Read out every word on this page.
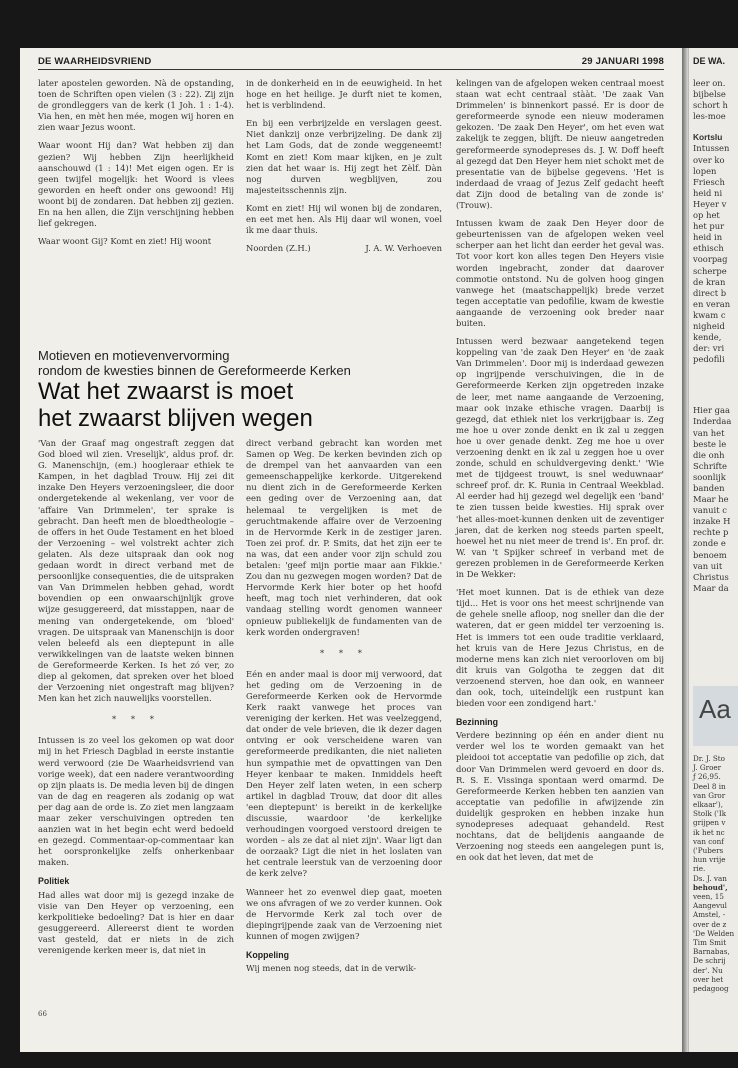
DE WAARHEIDSVRIEND	29 JANUARI 1998

later apostelen geworden. Nà de opstanding, toen de Schriften open vielen (3 : 22). Zij zijn de grondleggers van de kerk (1 Joh. 1 : 1-4). Via hen, en mèt hen mée, mogen wij horen en zien waar Jezus woont.

Waar woont Hij dan? Wat hebben zij dan gezien? Wij hebben Zijn heerlijkheid aanschouwd (1 : 14)! Met eigen ogen. Er is geen twijfel mogelijk: het Woord is vlees geworden en heeft onder ons gewoond! Hij woont bij de zondaren. Dat hebben zij gezien. En na hen allen, die Zijn verschijning hebben lief gekregen.

Waar woont Gij? Komt en ziet! Hij woont

in de donkerheid en in de eeuwigheid. In het hoge en het heilige. Je durft niet te komen, het is verblindend.

En bij een verbrijzelde en verslagen geest. Niet dankzij onze verbrijzeling. De dank zij het Lam Gods, dat de zonde weggeneemt! Komt en ziet! Kom maar kijken, en je zult zien dat het waar is. Hij zegt het Zèlf. Dàn nog durven wegblijven, zou majesteitsschennis zijn.

Komt en ziet! Hij wil wonen bij de zondaren, en eet met hen. Als Hij daar wil wonen, voel ik me daar thuis.

Noorden (Z.H.)	J. A. W. Verhoeven
Motieven en motievenvervorming
rondom de kwesties binnen de Gereformeerde Kerken
Wat het zwaarst is moet
het zwaarst blijven wegen

'Van der Graaf mag ongestraft zeggen dat God bloed wil zien. Vreselijk', aldus prof. dr. G. Manenschijn, (em.) hoogleraar ethiek te Kampen, in het dagblad Trouw. Hij zei dit inzake Den Heyers verzoeningsleer, die door ondergetekende al wekenlang, ver voor de 'affaire Van Drimmelen', ter sprake is gebracht. Dan heeft men de bloedtheologie – de offers in het Oude Testament en het bloed der Verzoening – wel volstrekt achter zich gelaten. Als deze uitspraak dan ook nog gedaan wordt in direct verband met de persoonlijke consequenties, die de uitspraken van Van Drimmelen hebben gehad, wordt bovendien op een onwaarschijnlijk grove wijze gesuggereerd, dat misstappen, naar de mening van ondergetekende, om 'bloed' vragen. De uitspraak van Manenschijn is door velen beleefd als een dieptepunt in alle verwikkelingen van de laatste weken binnen de Gereformeerde Kerken. Is het zó ver, zo diep al gekomen, dat spreken over het bloed der Verzoening niet ongestraft mag blijven? Men kan het zich nauwelijks voorstellen.

* * *

Intussen is zo veel los gekomen op wat door mij in het Friesch Dagblad in eerste instantie werd verwoord (zie De Waarheidsvriend van vorige week), dat een nadere verantwoording op zijn plaats is. De media leven bij de dingen van de dag en reageren als zodanig op wat per dag aan de orde is. Zo ziet men langzaam maar zeker verschuivingen optreden ten aanzien wat in het begin echt werd bedoeld en gezegd. Commentaar-op-commentaar kan het oorspronkelijke zelfs onherkenbaar maken.

Politiek

Had alles wat door mij is gezegd inzake de visie van Den Heyer op verzoening, een kerkpolitieke bedoeling? Dat is hier en daar gesuggereerd. Allereerst dient te worden vast gesteld, dat er niets in de zich verenigende kerken meer is, dat niet in

direct verband gebracht kan worden met Samen op Weg. De kerken bevinden zich op de drempel van het aanvaarden van een gemeenschappelijke kerkorde. Uitgerekend nu dient zich in de Gereformeerde Kerken een geding over de Verzoening aan, dat helemaal te vergelijken is met de geruchtmakende affaire over de Verzoening in de Hervormde Kerk in de zestiger jaren. Toen zei prof. dr. P. Smits, dat het zijn eer te na was, dat een ander voor zijn schuld zou betalen: 'geef mijn portie maar aan Fikkie.' Zou dan nu gezwegen mogen worden? Dat de Hervormde Kerk hier boter op het hoofd heeft, mag toch niet verhinderen, dat ook vandaag stelling wordt genomen wanneer opnieuw publiekelijk de fundamenten van de kerk worden ondergraven!

* * *

Eén en ander maal is door mij verwoord, dat het geding om de Verzoening in de Gereformeerde Kerken ook de Hervormde Kerk raakt vanwege het proces van vereniging der kerken. Het was veelzeggend, dat onder de vele brieven, die ik dezer dagen ontving er ook verscheidene waren van gereformeerde predikanten, die niet nalieten hun sympathie met de opvattingen van Den Heyer kenbaar te maken. Inmiddels heeft Den Heyer zelf laten weten, in een scherp artikel in dagblad Trouw, dat door dit alles 'een dieptepunt' is bereikt in de kerkelijke discussie, waardoor 'de kerkelijke verhoudingen voorgoed verstoord dreigen te worden – als ze dat al niet zijn'. Waar ligt dan de oorzaak? Ligt die niet in het loslaten van het centrale leerstuk van de verzoening door de kerk zelve?

Wanneer het zo evenwel diep gaat, moeten we ons afvragen of we zo verder kunnen. Ook de Hervormde Kerk zal toch over de diepingrijpende zaak van de Verzoening niet kunnen of mogen zwijgen?

Koppeling

Wij menen nog steeds, dat in de verwik-

kelingen van de afgelopen weken centraal moest staan wat echt centraal stààt. 'De zaak Van Drimmelen' is binnenkort passé. Er is door de gereformeerde synode een nieuw moderamen gekozen. 'De zaak Den Heyer', om het even wat zakelijk te zeggen, blijft. De nieuw aangetreden gereformeerde synodepreses ds. J. W. Doff heeft al gezegd dat Den Heyer hem niet schokt met de presentatie van de bijbelse gegevens. 'Het is inderdaad de vraag of Jezus Zelf gedacht heeft dat Zijn dood de betaling van de zonde is' (Trouw).

Intussen kwam de zaak Den Heyer door de gebeurtenissen van de afgelopen weken veel scherper aan het licht dan eerder het geval was. Tot voor kort kon alles tegen Den Heyers visie worden ingebracht, zonder dat daarover commotie ontstond. Nu de golven hoog gingen vanwege het (maatschappelijk) brede verzet tegen acceptatie van pedofilie, kwam de kwestie aangaande de verzoening ook breder naar buiten.

Intussen werd bezwaar aangetekend tegen koppeling van 'de zaak Den Heyer' en 'de zaak Van Drimmelen'. Door mij is inderdaad gewezen op ingrijpende verschuivingen, die in de Gereformeerde Kerken zijn opgetreden inzake de leer, met name aangaande de Verzoening, maar ook inzake ethische vragen. Daarbij is gezegd, dat ethiek niet los verkrijgbaar is. Zeg me hoe u over zonde denkt en ik zal u zeggen hoe u over genade denkt. Zeg me hoe u over verzoening denkt en ik zal u zeggen hoe u over zonde, schuld en schuldvergeving denkt.' 'Wie met de tijdgeest trouwt, is snel weduwnaar' schreef prof. dr. K. Runia in Centraal Weekblad. Al eerder had hij gezegd wel degelijk een 'band' te zien tussen beide kwesties. Hij sprak over 'het alles-moet-kunnen denken uit de zeventiger jaren, dat de kerken nog steeds parten speelt, hoewel het nu niet meer de trend is'. En prof. dr. W. van 't Spijker schreef in verband met de gerezen problemen in de Gereformeerde Kerken in De Wekker:

'Het moet kunnen. Dat is de ethiek van deze tijd... Het is voor ons het meest schrijnende van de gehele snelle afloop, nog sneller dan die der wateren, dat er geen middel ter verzoening is. Het is immers tot een oude traditie verklaard, het kruis van de Here Jezus Christus, en de moderne mens kan zich niet veroorloven om bij dit kruis van Golgotha te zeggen dat dit verzoenend sterven, hoe dan ook, en wanneer dan ook, toch, uiteindelijk een rustpunt kan bieden voor een zondigend hart.'

Bezinning

Verdere bezinning op één en ander dient nu verder wel los te worden gemaakt van het pleidooi tot acceptatie van pedofilie op zich, dat door Van Drimmelen werd gevoerd en door ds. R. S. E. Vissinga spontaan werd omarmd. De Gereformeerde Kerken hebben ten aanzien van acceptatie van pedofilie in afwijzende zin duidelijk gesproken en hebben inzake hun synodepreses adequaat gehandeld. Rest nochtans, dat de belijdenis aangaande de Verzoening nog steeds een aangelegen punt is, en ook dat het leven, dat met de

66
DE WA.
leer on.
bijbelse
schort h
les-moe
Kortslu
Intussen
over ko
lopen
Friesch
heid ni
Heyer v
op het
het pur
heid in
ethisch
voorpag
scherpe
de kran
direct b
en veran
kwam c
nigheid
kende,
der: vri
pedofili
Hier gaa
Inderdaa
van het
beste le
die onh
Schrifte
soonlijk
banden
Maar he
vanuit c
inzake H
rechte p
zonde e
benoem
van uit
Christus
Maar da
Aa
Dr. J. Sto
J. Groer
ƒ 26,95.
Deel 8 in
van Gror
elkaar'),
Stolk ('Ik
grijpen v
ik het nc
van conf
('Pubers
hun vrije
rie.
Ds. J. van
behoud',
veen, 15
Aangevul
Amstel, -
over de z
'De Welden
Tim Smit
Barnabas,
De schrij
der'. Nu
over het
pedagoog
